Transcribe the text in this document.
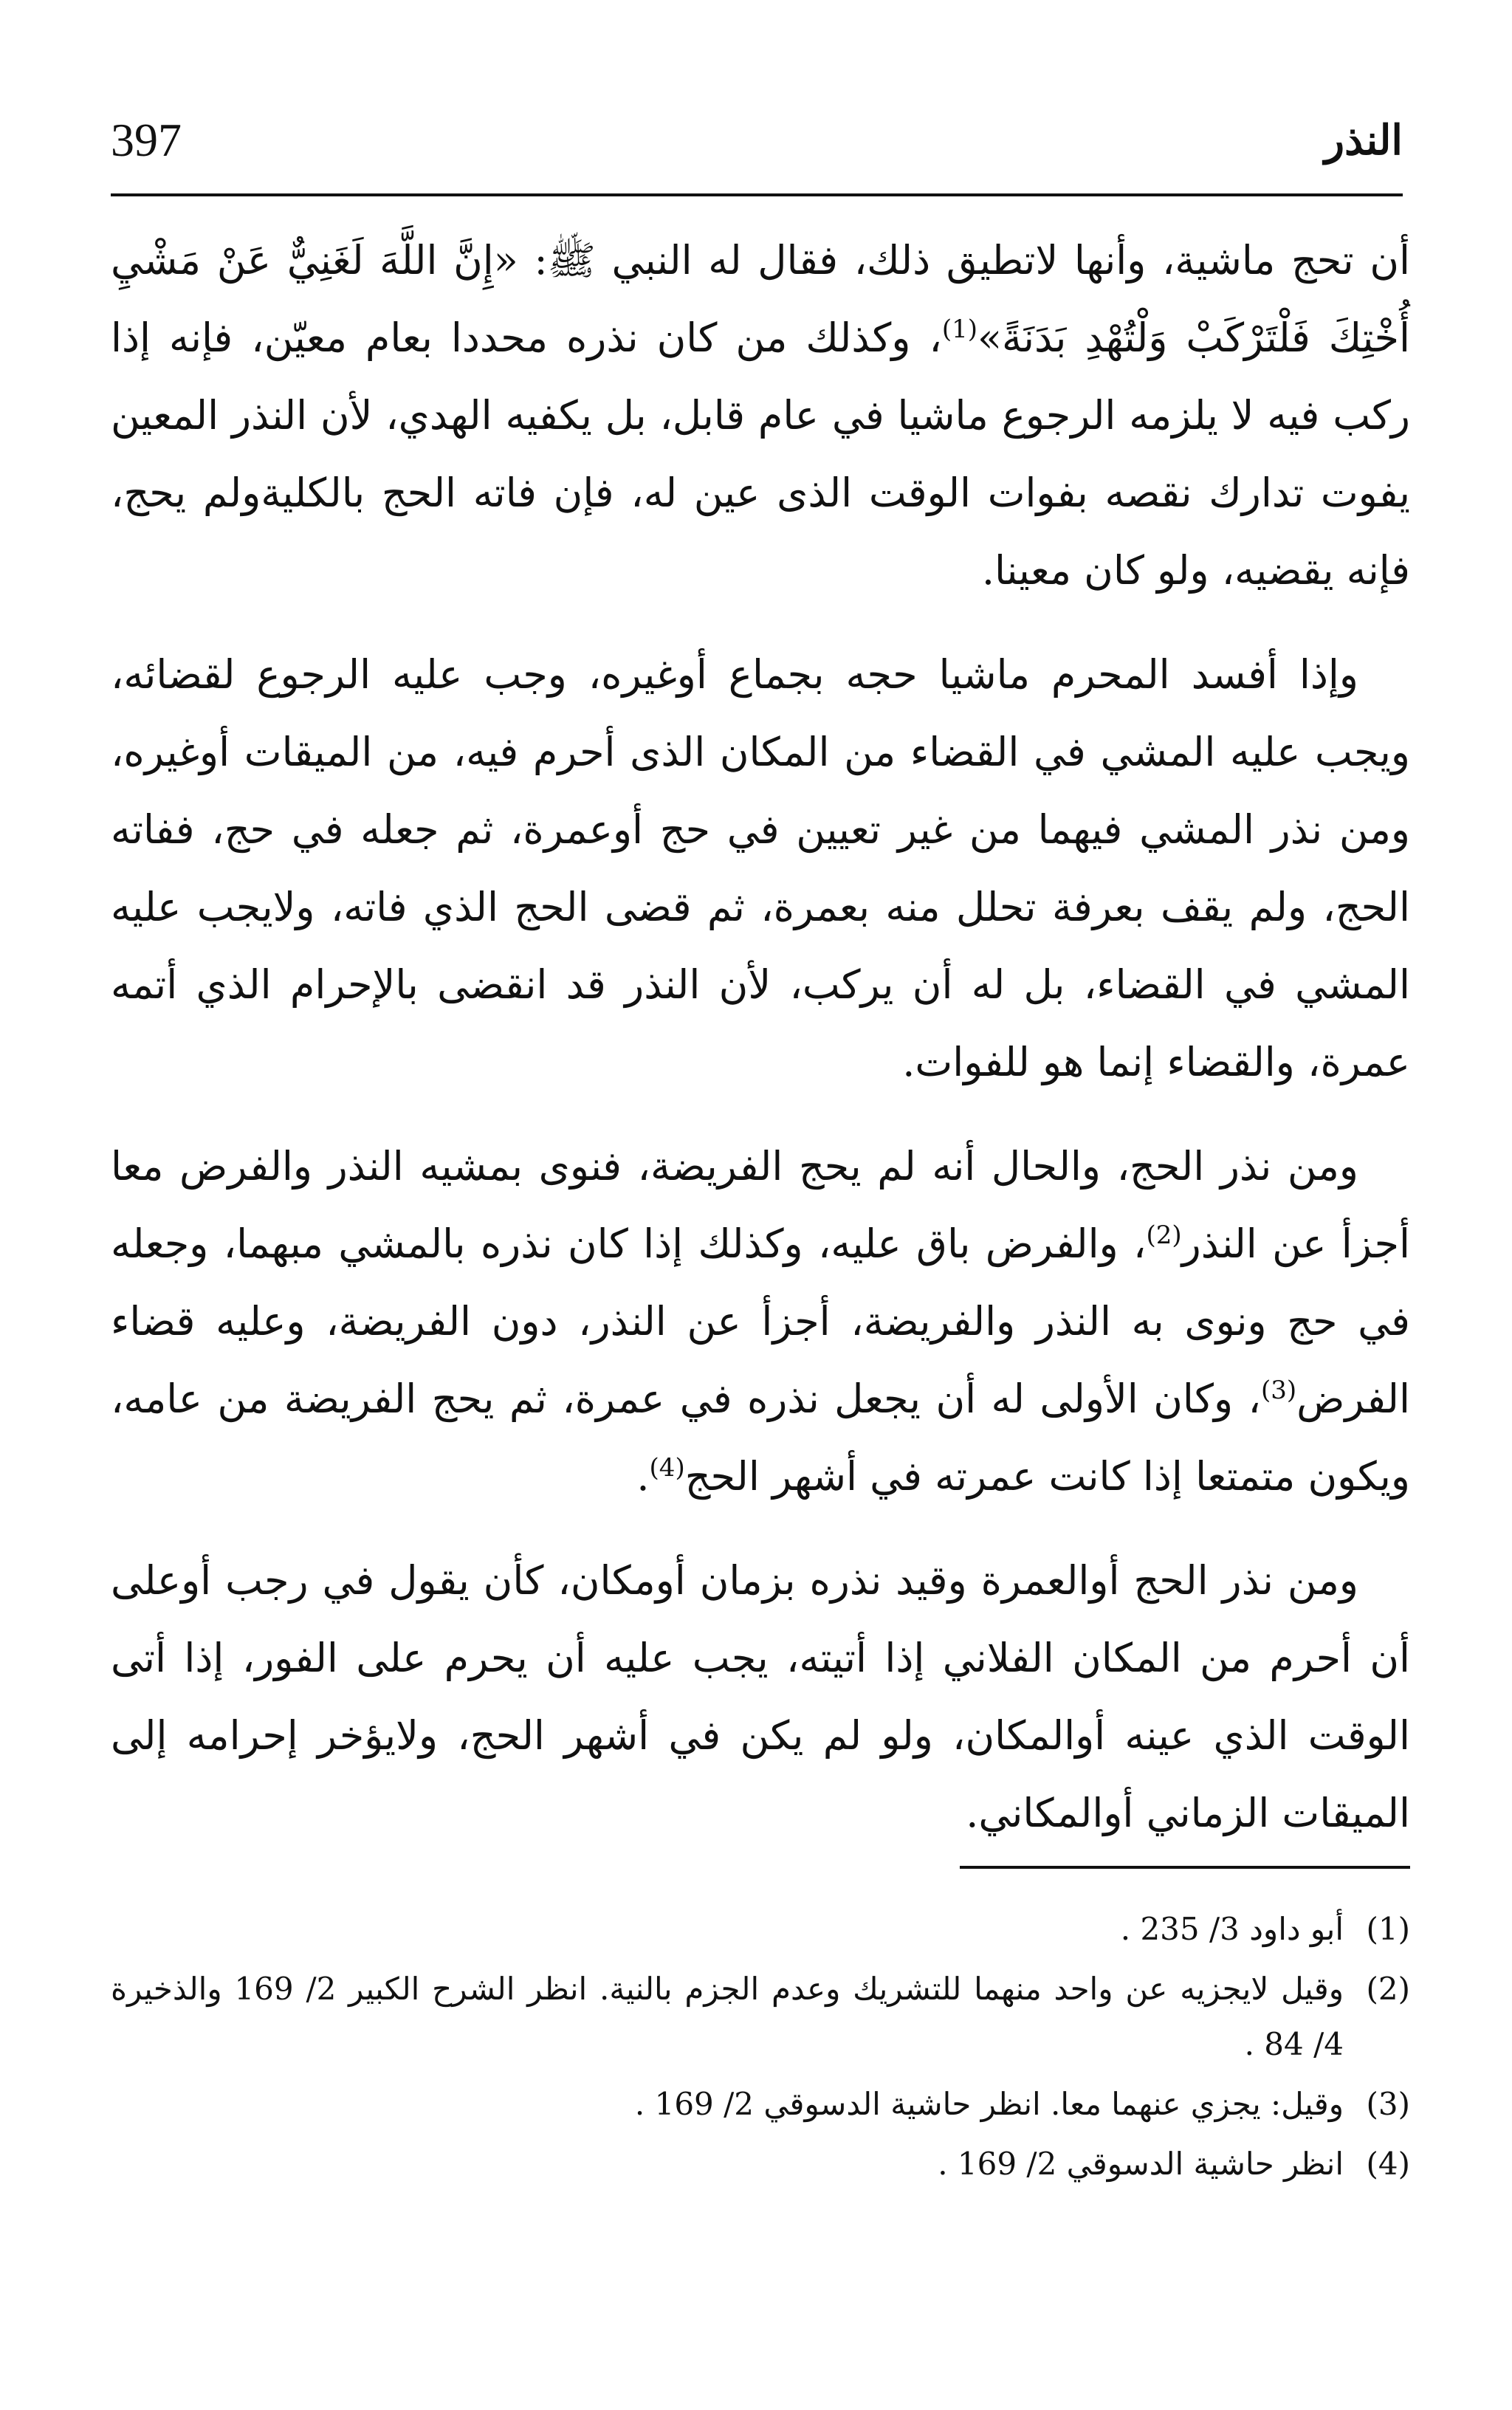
397	النذر

أن تحج ماشية، وأنها لاتطيق ذلك، فقال له النبي ﷺ: «إِنَّ اللَّهَ لَغَنِيٌّ عَنْ مَشْيِ أُخْتِكَ فَلْتَرْكَبْ وَلْتُهْدِ بَدَنَةً»$^{(1)}$، وكذلك من كان نذره محددا بعام معيّن، فإنه إذا ركب فيه لا يلزمه الرجوع ماشيا في عام قابل، بل يكفيه الهدي، لأن النذر المعين يفوت تدارك نقصه بفوات الوقت الذى عين له، فإن فاته الحج بالكليةولم يحج، فإنه يقضيه، ولو كان معينا.

وإذا أفسد المحرم ماشيا حجه بجماع أوغيره، وجب عليه الرجوع لقضائه، ويجب عليه المشي في القضاء من المكان الذى أحرم فيه، من الميقات أوغيره، ومن نذر المشي فيهما من غير تعيين في حج أوعمرة، ثم جعله في حج، ففاته الحج، ولم يقف بعرفة تحلل منه بعمرة، ثم قضى الحج الذي فاته، ولايجب عليه المشي في القضاء، بل له أن يركب، لأن النذر قد انقضى بالإحرام الذي أتمه عمرة، والقضاء إنما هو للفوات.

ومن نذر الحج، والحال أنه لم يحج الفريضة، فنوى بمشيه النذر والفرض معا أجزأ عن النذر$^{(2)}$، والفرض باق عليه، وكذلك إذا كان نذره بالمشي مبهما، وجعله في حج ونوى به النذر والفريضة، أجزأ عن النذر، دون الفريضة، وعليه قضاء الفرض$^{(3)}$، وكان الأولى له أن يجعل نذره في عمرة، ثم يحج الفريضة من عامه، ويكون متمتعا إذا كانت عمرته في أشهر الحج$^{(4)}$.

ومن نذر الحج أوالعمرة وقيد نذره بزمان أومكان، كأن يقول في رجب أوعلى أن أحرم من المكان الفلاني إذا أتيته، يجب عليه أن يحرم على الفور، إذا أتى الوقت الذي عينه أوالمكان، ولو لم يكن في أشهر الحج، ولايؤخر إحرامه إلى الميقات الزماني أوالمكاني.

(1)
أبو داود 3/ 235 .
(2)
وقيل لايجزيه عن واحد منهما للتشريك وعدم الجزم بالنية. انظر الشرح الكبير 2/ 169 والذخيرة 4/ 84 .
(3)
وقيل: يجزي عنهما معا. انظر حاشية الدسوقي 2/ 169 .
(4)
انظر حاشية الدسوقي 2/ 169 .
